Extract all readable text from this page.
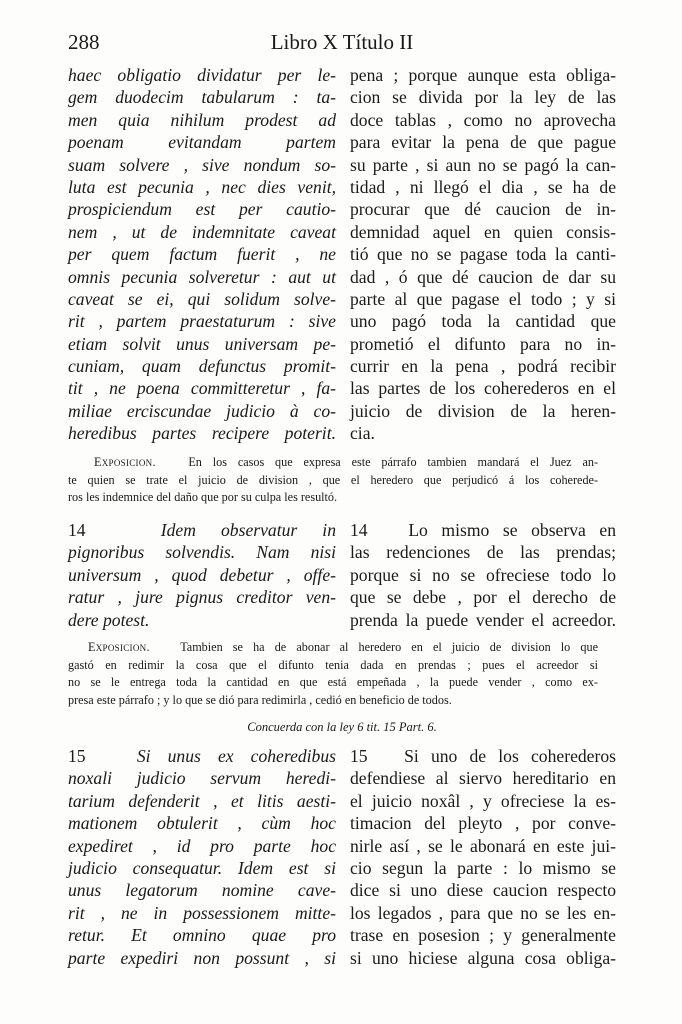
288	Libro X Título II
haec obligatio dividatur per le-
gem duodecim tabularum : ta-
men quia nihilum prodest ad
poenam evitandam partem
suam solvere , sive nondum so-
luta est pecunia , nec dies venit,
prospiciendum est per cautio-
nem , ut de indemnitate caveat
per quem factum fuerit , ne
omnis pecunia solveretur : aut ut
caveat se ei, qui solidum solve-
rit , partem praestaturum : sive
etiam solvit unus universam pe-
cuniam, quam defunctus promit-
tit , ne poena committeretur , fa-
miliae erciscundae judicio à co-
heredibus partes recipere poterit.
pena ; porque aunque esta obliga-
cion se divida por la ley de las
doce tablas , como no aprovecha
para evitar la pena de que pague
su parte , si aun no se pagó la can-
tidad , ni llegó el dia , se ha de
procurar que dé caucion de in-
demnidad aquel en quien consis-
tió que no se pagase toda la canti-
dad , ó que dé caucion de dar su
parte al que pagase el todo ; y si
uno pagó toda la cantidad que
prometió el difunto para no in-
currir en la pena , podrá recibir
las partes de los coherederos en el
juicio de division de la heren-
cia.
Exposicion.	En los casos que expresa este párrafo tambien mandará el Juez an-
te quien se trate el juicio de division , que el heredero que perjudicó á los coherede-
ros les indemnice del daño que por su culpa les resultó.
14	Idem observatur in
pignoribus solvendis. Nam nisi
universum , quod debetur , offe-
ratur , jure pignus creditor ven-
dere potest.
14 Lo mismo se observa en
las redenciones de las prendas;
porque si no se ofreciese todo lo
que se debe , por el derecho de
prenda la puede vender el acreedor.
Exposicion. Tambien se ha de abonar al heredero en el juicio de division lo que
gastó en redimir la cosa que el difunto tenia dada en prendas ; pues el acreedor si
no se le entrega toda la cantidad en que está empeñada , la puede vender , como ex-
presa este párrafo ; y lo que se dió para redimirla , cedió en beneficio de todos.
Concuerda con la ley 6 tit. 15 Part. 6.
15	Si unus ex coheredibus
noxali judicio servum heredi-
tarium defenderit , et litis aesti-
mationem obtulerit , cùm hoc
expediret , id pro parte hoc
judicio consequatur. Idem est si
unus legatorum nomine cave-
rit , ne in possessionem mitte-
retur. Et omnino quae pro
parte expediri non possunt , si
15 Si uno de los coherederos
defendiese al siervo hereditario en
el juicio noxâl , y ofreciese la es-
timacion del pleyto , por conve-
nirle así , se le abonará en este jui-
cio segun la parte : lo mismo se
dice si uno diese caucion respecto
los legados , para que no se les en-
trase en posesion ; y generalmente
si uno hiciese alguna cosa obliga-
